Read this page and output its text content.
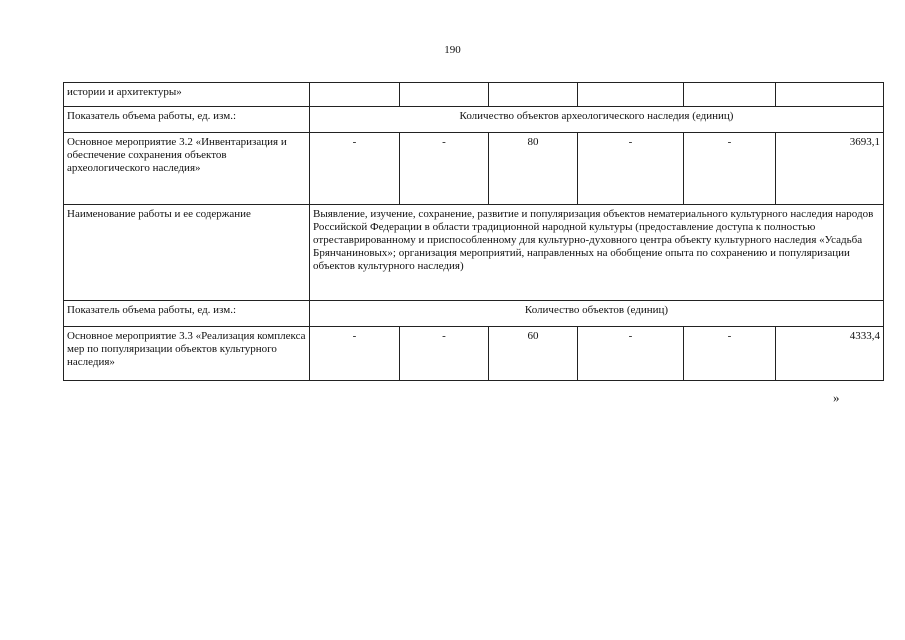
190
истории и архитектуры»						
Показатель объема работы, ед. изм.:	Количество объектов археологического наследия (единиц)					
Основное мероприятие 3.2 «Инвентаризация и обеспечение сохранения объектов археологического наследия»	-	-	80	-	-	3693,1
Наименование работы и ее содержание	Выявление, изучение, сохранение, развитие и популяризация объектов нематериального культурного наследия народов Российской Федерации в области традиционной народной культуры (предоставление доступа к полностью отреставрированному и приспособленному для культурно-духовного центра объекту культурного наследия «Усадьба Брянчаниновых»; организация мероприятий, направленных на обобщение опыта по сохранению и популяризации объектов культурного наследия)					
Показатель объема работы, ед. изм.:	Количество объектов (единиц)					
Основное мероприятие 3.3 «Реализация комплекса мер по популяризации объектов культурного наследия»	-	-	60	-	-	4333,4
»
